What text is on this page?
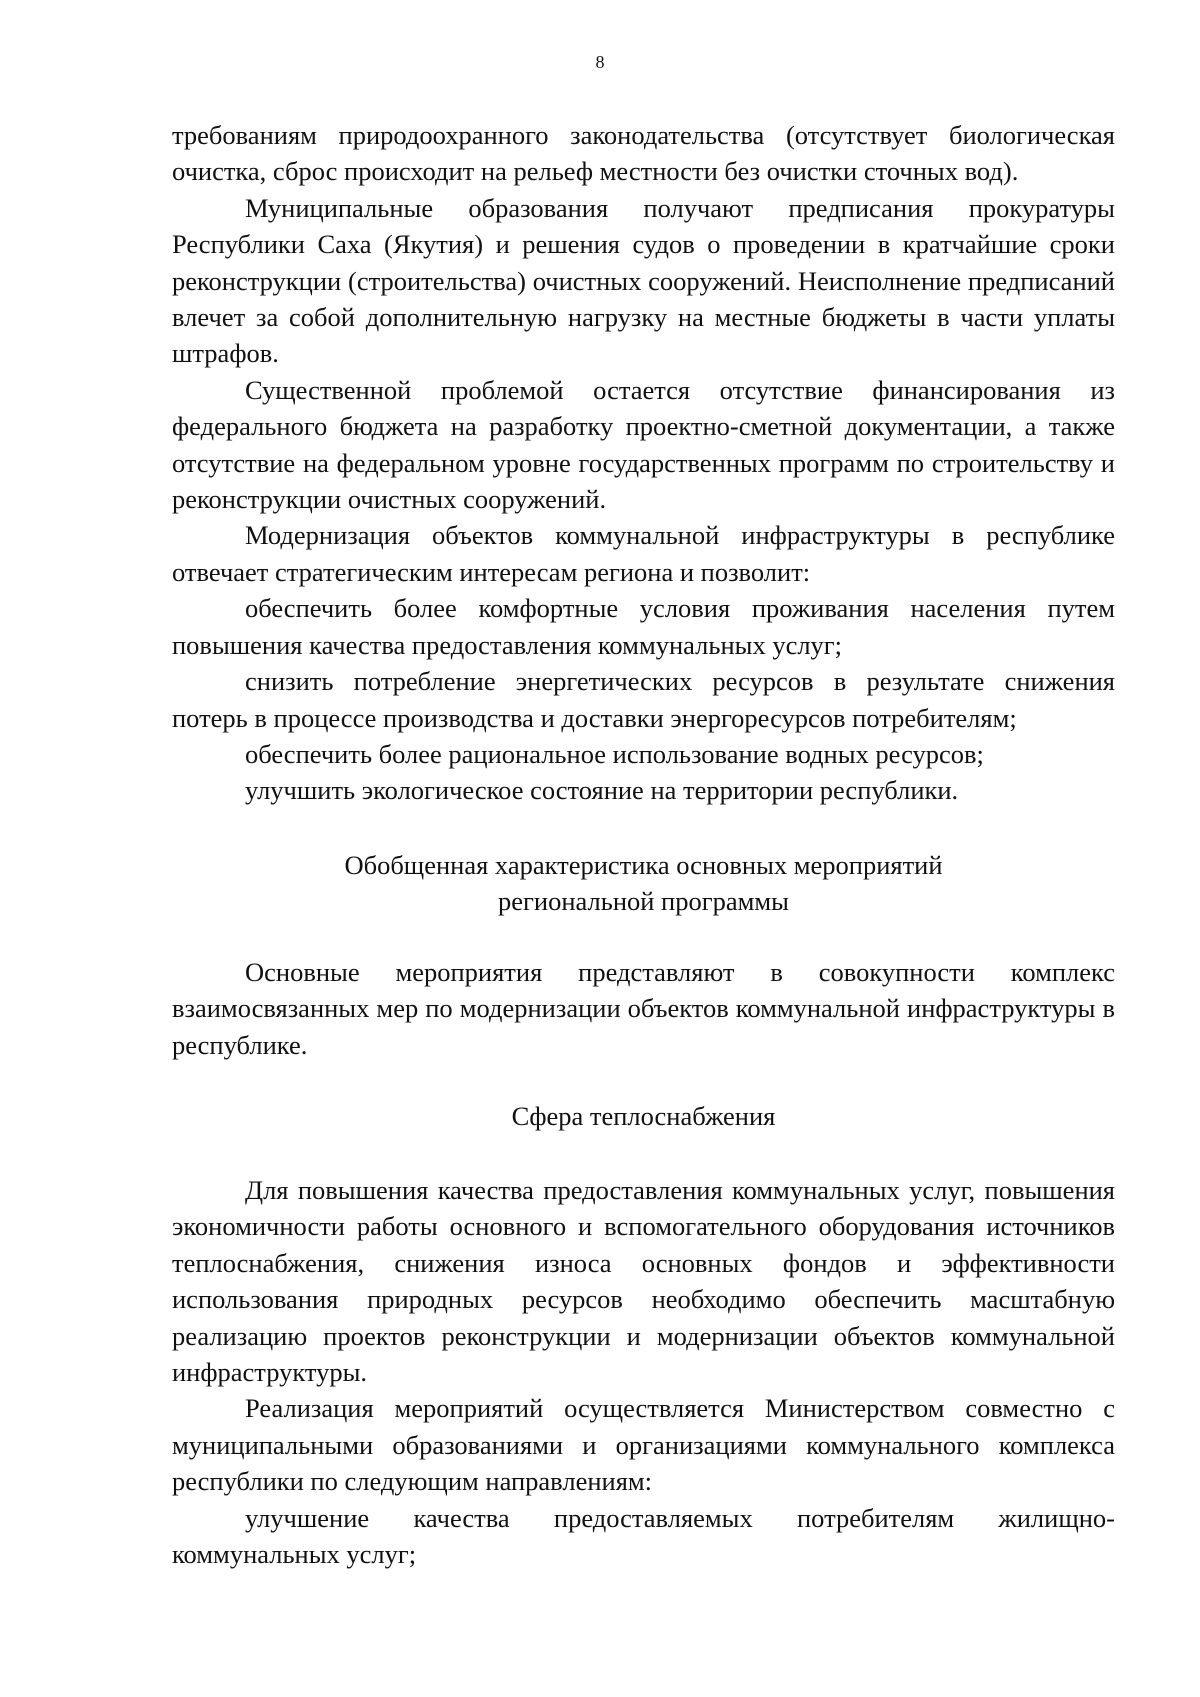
8

требованиям природоохранного законодательства (отсутствует биологическая очистка, сброс происходит на рельеф местности без очистки сточных вод).

Муниципальные образования получают предписания прокуратуры Республики Саха (Якутия) и решения судов о проведении в кратчайшие сроки реконструкции (строительства) очистных сооружений. Неисполнение предписаний влечет за собой дополнительную нагрузку на местные бюджеты в части уплаты штрафов.

Существенной проблемой остается отсутствие финансирования из федерального бюджета на разработку проектно-сметной документации, а также отсутствие на федеральном уровне государственных программ по строительству и реконструкции очистных сооружений.

Модернизация объектов коммунальной инфраструктуры в республике отвечает стратегическим интересам региона и позволит:

обеспечить более комфортные условия проживания населения путем повышения качества предоставления коммунальных услуг;

снизить потребление энергетических ресурсов в результате снижения потерь в процессе производства и доставки энергоресурсов потребителям;

обеспечить более рациональное использование водных ресурсов;

улучшить экологическое состояние на территории республики.

Обобщенная характеристика основных мероприятий
региональной программы

Основные мероприятия представляют в совокупности комплекс взаимосвязанных мер по модернизации объектов коммунальной инфраструктуры в республике.

Сфера теплоснабжения

Для повышения качества предоставления коммунальных услуг, повышения экономичности работы основного и вспомогательного оборудования источников теплоснабжения, снижения износа основных фондов и эффективности использования природных ресурсов необходимо обеспечить масштабную реализацию проектов реконструкции и модернизации объектов коммунальной инфраструктуры.

Реализация мероприятий осуществляется Министерством совместно с муниципальными образованиями и организациями коммунального комплекса республики по следующим направлениям:

улучшение качества предоставляемых потребителям жилищно-коммунальных услуг;
